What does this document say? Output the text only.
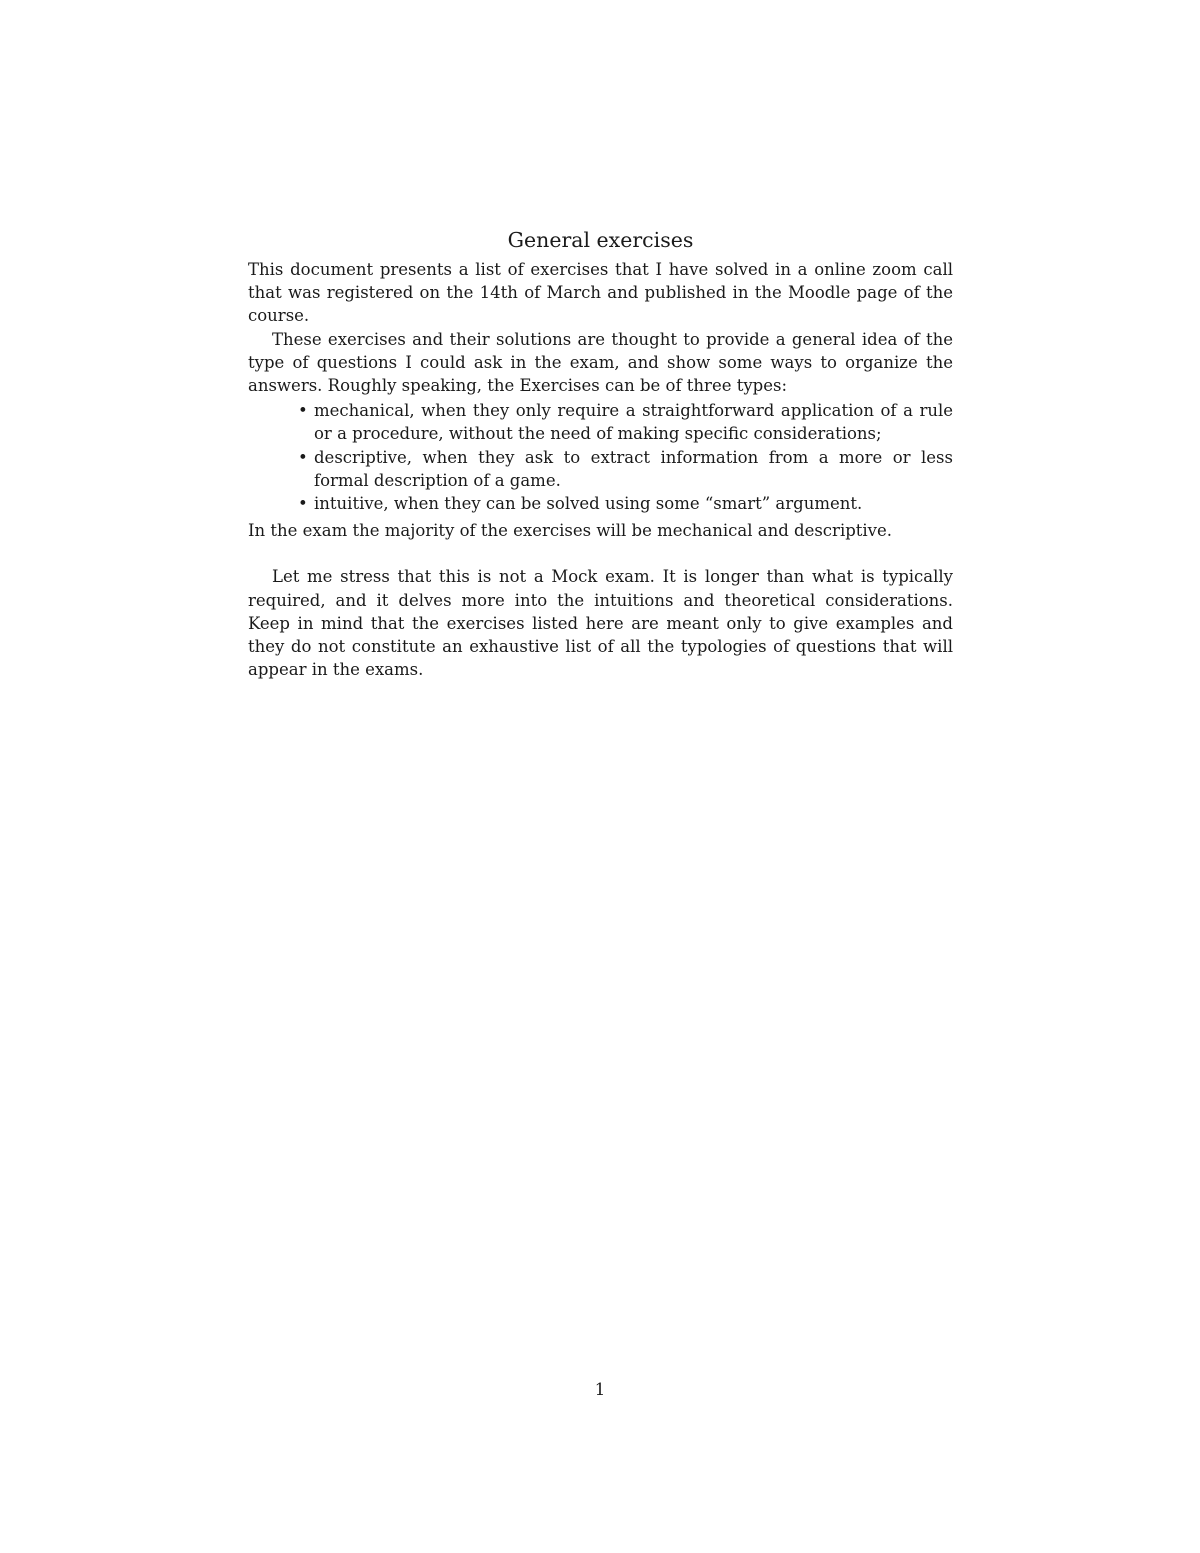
General exercises

This document presents a list of exercises that I have solved in a online zoom call that was registered on the 14th of March and published in the Moodle page of the course.

These exercises and their solutions are thought to provide a general idea of the type of questions I could ask in the exam, and show some ways to organize the answers. Roughly speaking, the Exercises can be of three types:

• mechanical, when they only require a straightforward application of a rule or a procedure, without the need of making specific considerations;
• descriptive, when they ask to extract information from a more or less formal description of a game.
• intuitive, when they can be solved using some “smart” argument.

In the exam the majority of the exercises will be mechanical and descriptive.

Let me stress that this is not a Mock exam. It is longer than what is typically required, and it delves more into the intuitions and theoretical considerations. Keep in mind that the exercises listed here are meant only to give examples and they do not constitute an exhaustive list of all the typologies of questions that will appear in the exams.

1
